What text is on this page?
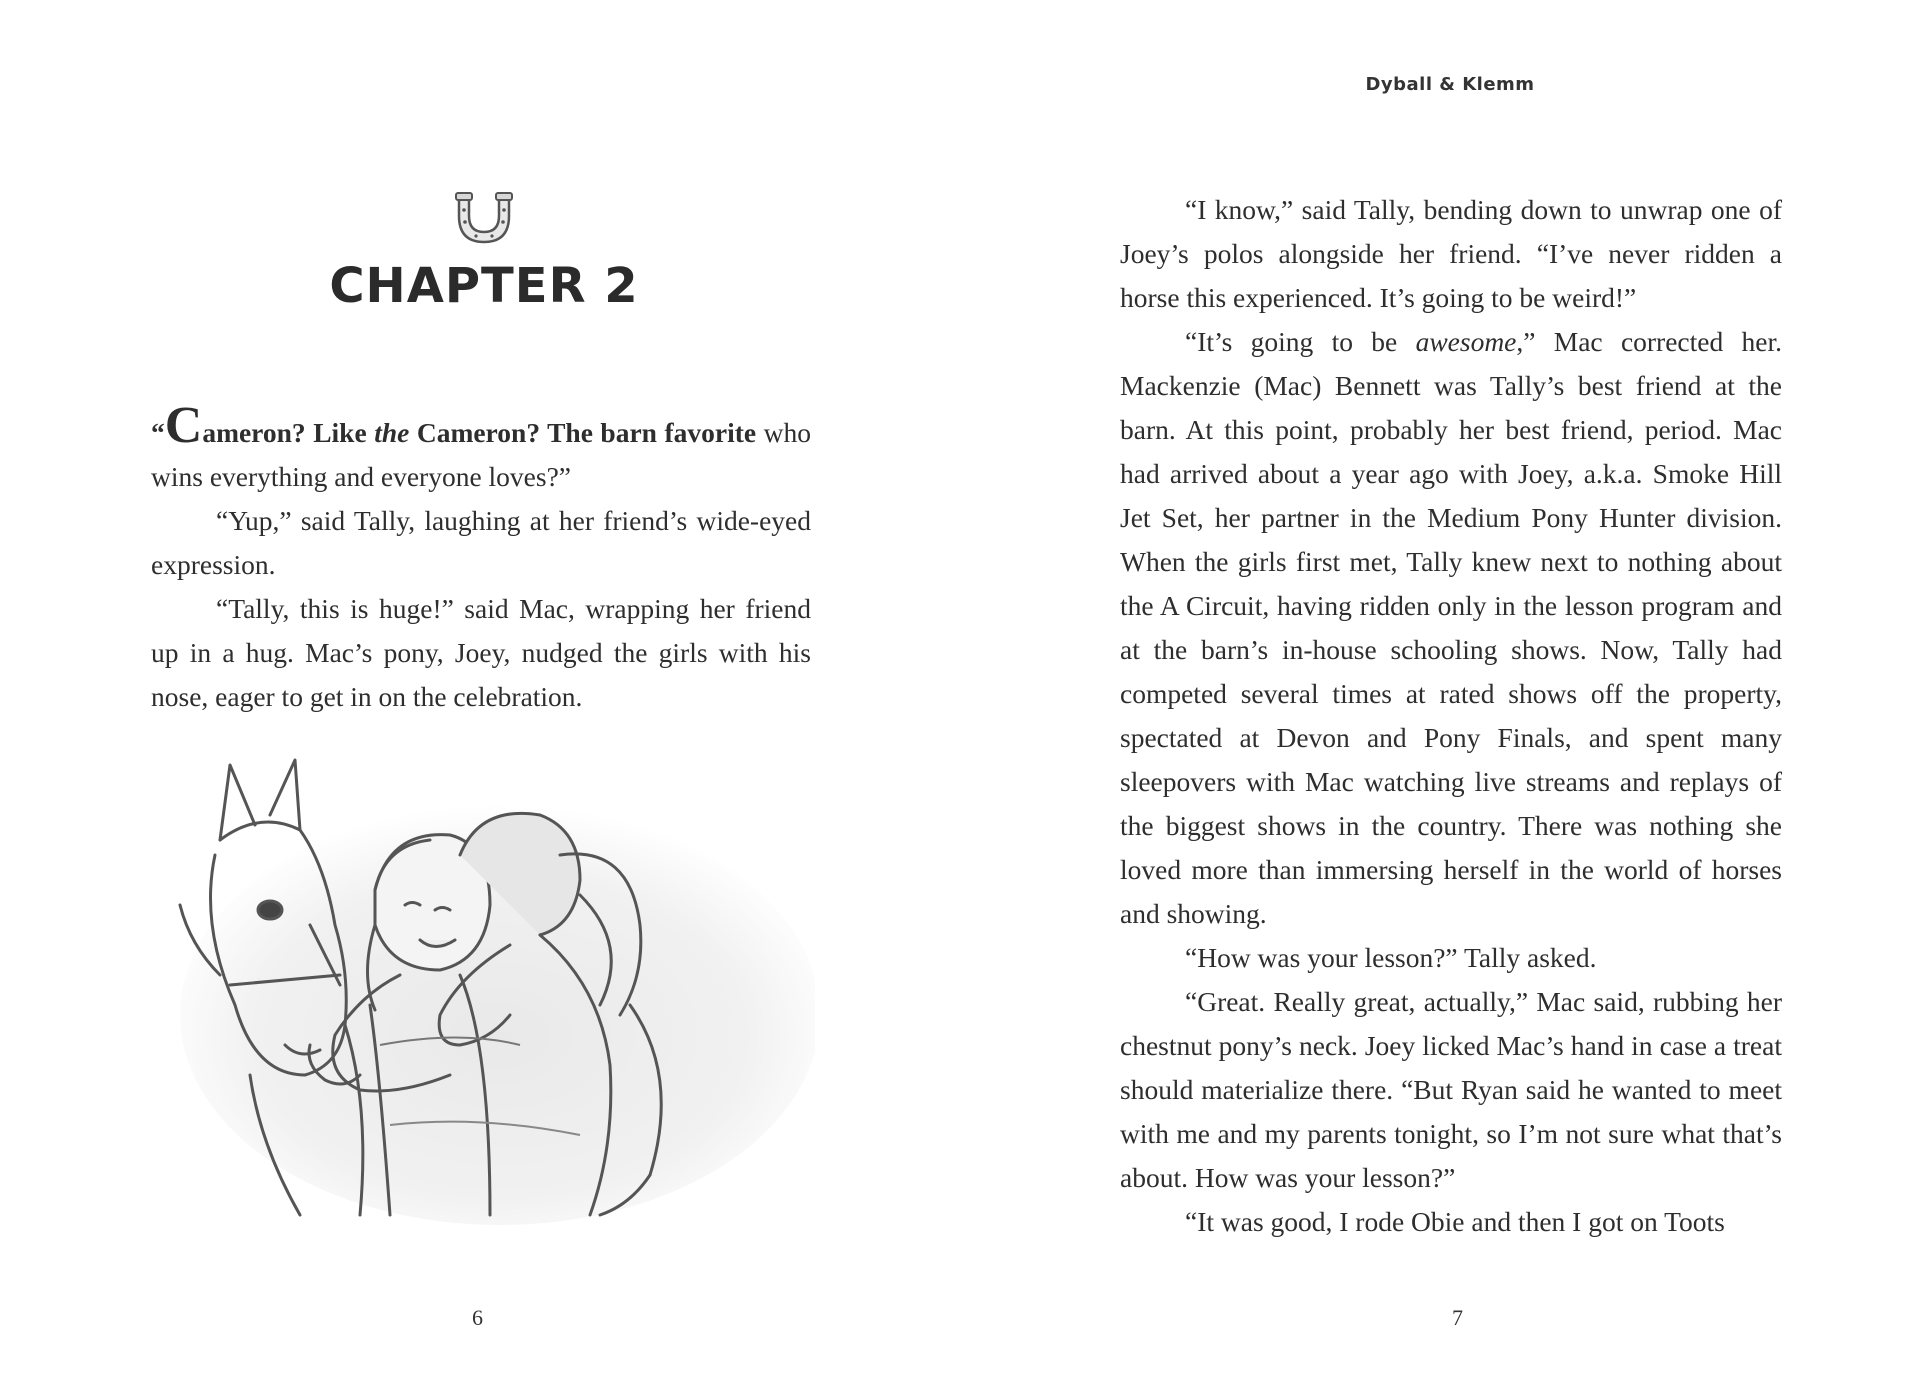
Dyball & Klemm
CHAPTER 2

“Cameron? Like the Cameron? The barn favorite who wins everything and everyone loves?”

“Yup,” said Tally, laughing at her friend’s wide-eyed expression.

“Tally, this is huge!” said Mac, wrapping her friend up in a hug. Mac’s pony, Joey, nudged the girls with his nose, eager to get in on the celebration.

“I know,” said Tally, bending down to unwrap one of Joey’s polos alongside her friend. “I’ve never ridden a horse this experienced. It’s going to be weird!”

“It’s going to be awesome,” Mac corrected her. Mackenzie (Mac) Bennett was Tally’s best friend at the barn. At this point, probably her best friend, period. Mac had arrived about a year ago with Joey, a.k.a. Smoke Hill Jet Set, her partner in the Medium Pony Hunter division. When the girls first met, Tally knew next to nothing about the A Circuit, having ridden only in the lesson program and at the barn’s in-house schooling shows. Now, Tally had competed several times at rated shows off the property, spectated at Devon and Pony Finals, and spent many sleepovers with Mac watching live streams and replays of the biggest shows in the country. There was nothing she loved more than immersing herself in the world of horses and showing.

“How was your lesson?” Tally asked.

“Great. Really great, actually,” Mac said, rubbing her chestnut pony’s neck. Joey licked Mac’s hand in case a treat should materialize there. “But Ryan said he wanted to meet with me and my parents tonight, so I’m not sure what that’s about. How was your lesson?”

“It was good, I rode Obie and then I got on Toots

6	7
